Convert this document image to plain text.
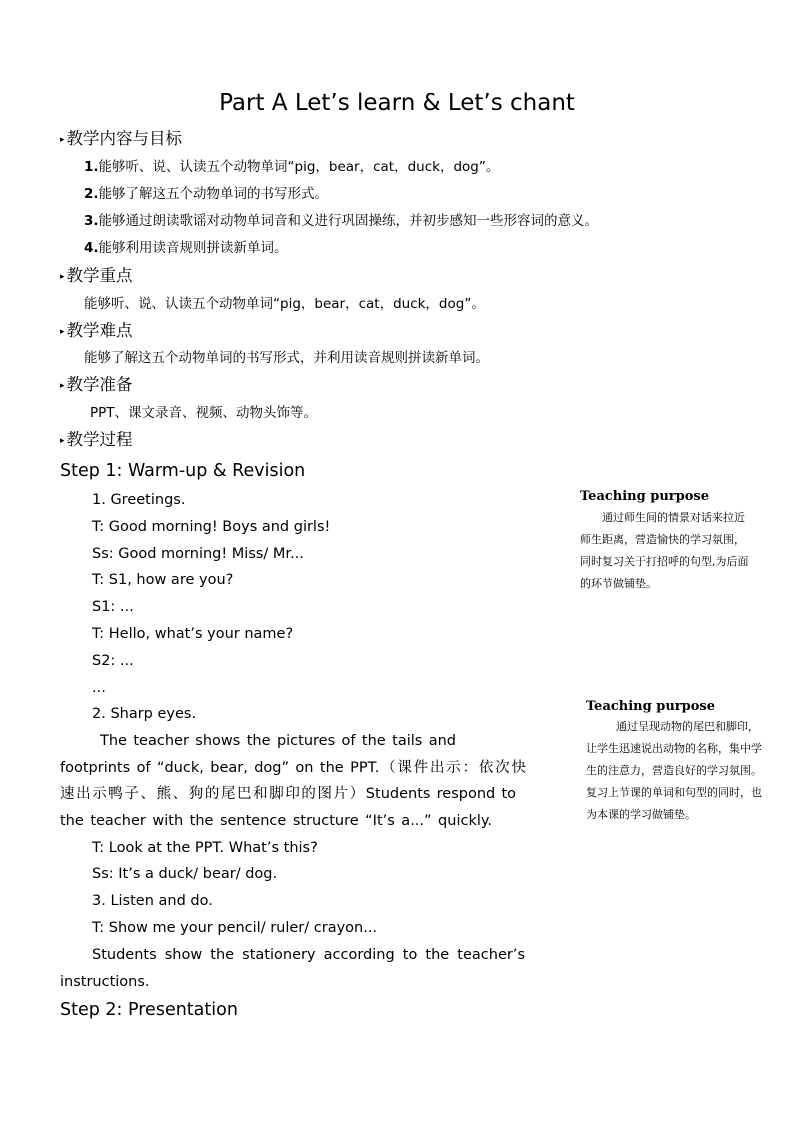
Part A Let’s learn & Let’s chant
▸ 教学内容与目标
1.能够听、说、认读五个动物单词“pig，bear，cat，duck，dog”。
2.能够了解这五个动物单词的书写形式。
3.能够通过朗读歌谣对动物单词音和义进行巩固操练，并初步感知一些形容词的意义。
4.能够利用读音规则拼读新单词。
▸ 教学重点
能够听、说、认读五个动物单词“pig，bear，cat，duck，dog”。
▸ 教学难点
能够了解这五个动物单词的书写形式，并利用读音规则拼读新单词。
▸ 教学准备
PPT、课文录音、视频、动物头饰等。
▸ 教学过程
Step 1: Warm-up & Revision
1. Greetings.
T: Good morning! Boys and girls!
Ss: Good morning! Miss/ Mr...
T: S1, how are you?
S1: ...
T: Hello, what’s your name?
S2: ...
...
2. Sharp eyes.
The teacher shows the pictures of the tails and
footprints of “duck, bear, dog” on the PPT.（课件出示：依次快
速出示鸭子、熊、狗的尾巴和脚印的图片）Students respond to
the teacher with the sentence structure “It’s a...” quickly.
T: Look at the PPT. What’s this?
Ss: It’s a duck/ bear/ dog.
3. Listen and do.
T: Show me your pencil/ ruler/ crayon...
Students show the stationery according to the teacher’s
instructions.
Step 2: Presentation
Teaching purpose
通过师生间的情景对话来拉近师生距离，营造愉快的学习氛围，同时复习关于打招呼的句型,为后面的环节做铺垫。
Teaching purpose
通过呈现动物的尾巴和脚印，让学生迅速说出动物的名称，集中学生的注意力，营造良好的学习氛围。复习上节课的单词和句型的同时，也为本课的学习做铺垫。
